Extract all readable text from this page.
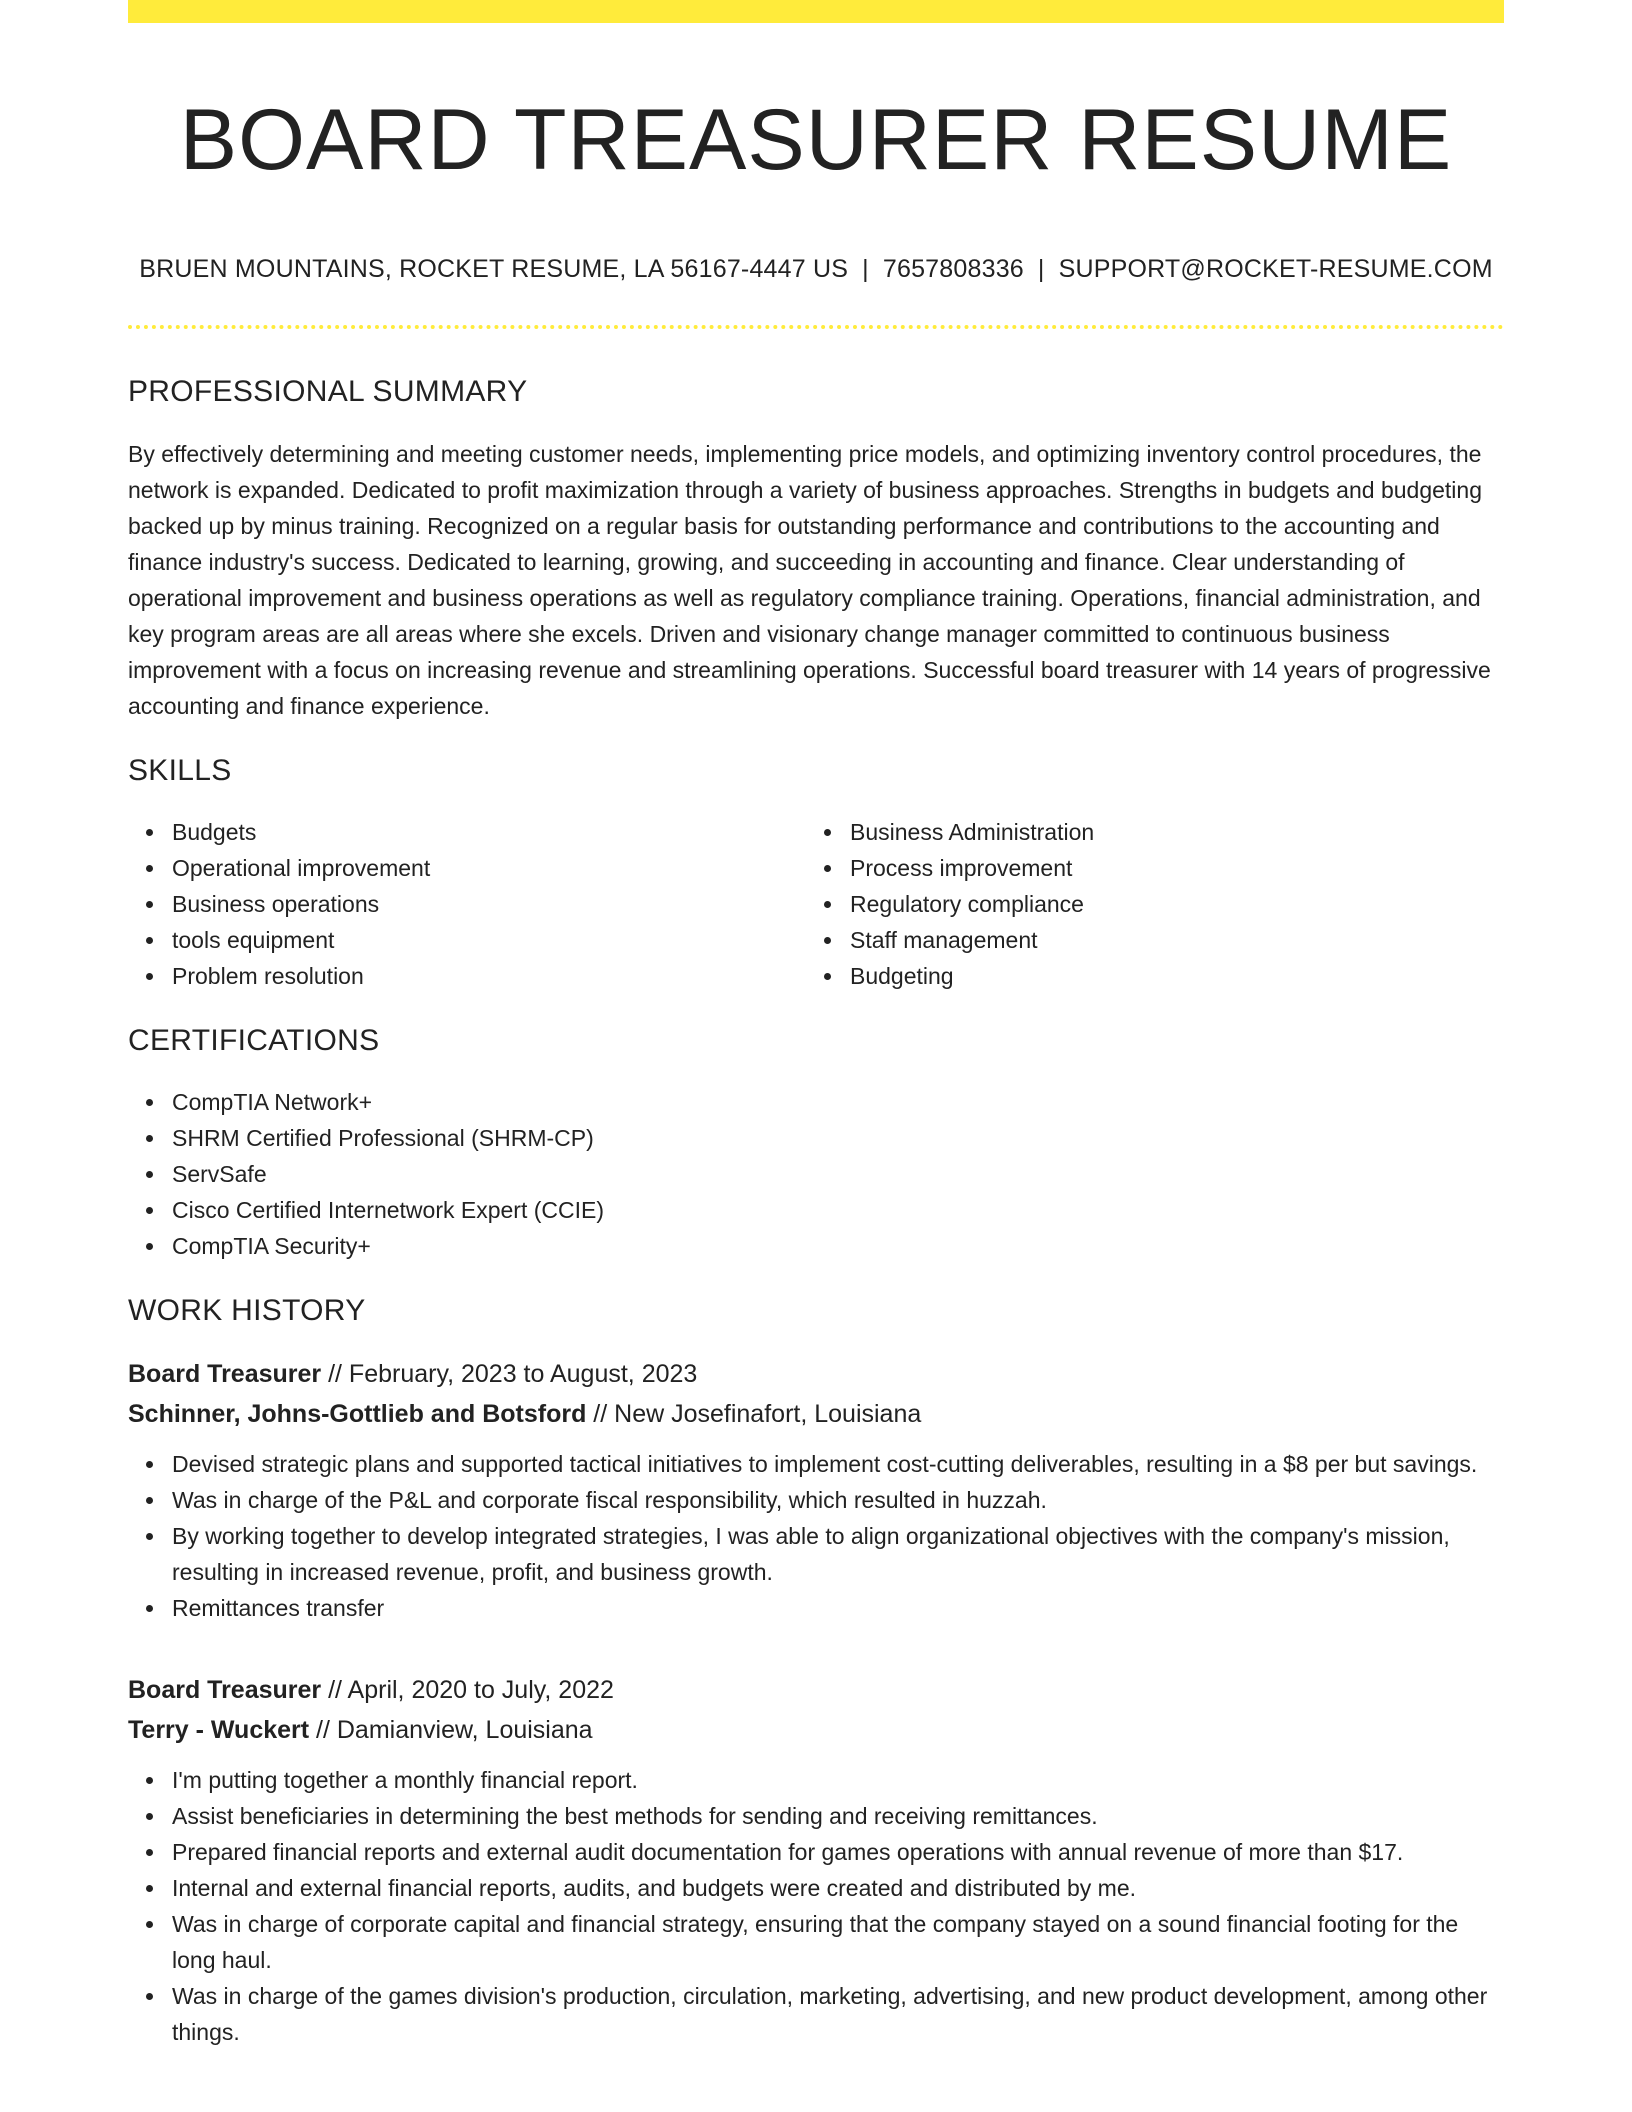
BOARD TREASURER RESUME
BRUEN MOUNTAINS, ROCKET RESUME, LA 56167-4447 US | 7657808336 | SUPPORT@ROCKET-RESUME.COM
PROFESSIONAL SUMMARY

By effectively determining and meeting customer needs, implementing price models, and optimizing inventory control procedures, the network is expanded. Dedicated to profit maximization through a variety of business approaches. Strengths in budgets and budgeting backed up by minus training. Recognized on a regular basis for outstanding performance and contributions to the accounting and finance industry's success. Dedicated to learning, growing, and succeeding in accounting and finance. Clear understanding of operational improvement and business operations as well as regulatory compliance training. Operations, financial administration, and key program areas are all areas where she excels. Driven and visionary change manager committed to continuous business improvement with a focus on increasing revenue and streamlining operations. Successful board treasurer with 14 years of progressive accounting and finance experience.

SKILLS
Budgets
Operational improvement
Business operations
tools equipment
Problem resolution
Business Administration
Process improvement
Regulatory compliance
Staff management
Budgeting
CERTIFICATIONS
CompTIA Network+
SHRM Certified Professional (SHRM-CP)
ServSafe
Cisco Certified Internetwork Expert (CCIE)
CompTIA Security+
WORK HISTORY
Board Treasurer // February, 2023 to August, 2023
Schinner, Johns-Gottlieb and Botsford // New Josefinafort, Louisiana
Devised strategic plans and supported tactical initiatives to implement cost-cutting deliverables, resulting in a $8 per but savings.
Was in charge of the P&L and corporate fiscal responsibility, which resulted in huzzah.
By working together to develop integrated strategies, I was able to align organizational objectives with the company's mission, resulting in increased revenue, profit, and business growth.
Remittances transfer
Board Treasurer // April, 2020 to July, 2022
Terry - Wuckert // Damianview, Louisiana
I'm putting together a monthly financial report.
Assist beneficiaries in determining the best methods for sending and receiving remittances.
Prepared financial reports and external audit documentation for games operations with annual revenue of more than $17.
Internal and external financial reports, audits, and budgets were created and distributed by me.
Was in charge of corporate capital and financial strategy, ensuring that the company stayed on a sound financial footing for the long haul.
Was in charge of the games division's production, circulation, marketing, advertising, and new product development, among other things.
